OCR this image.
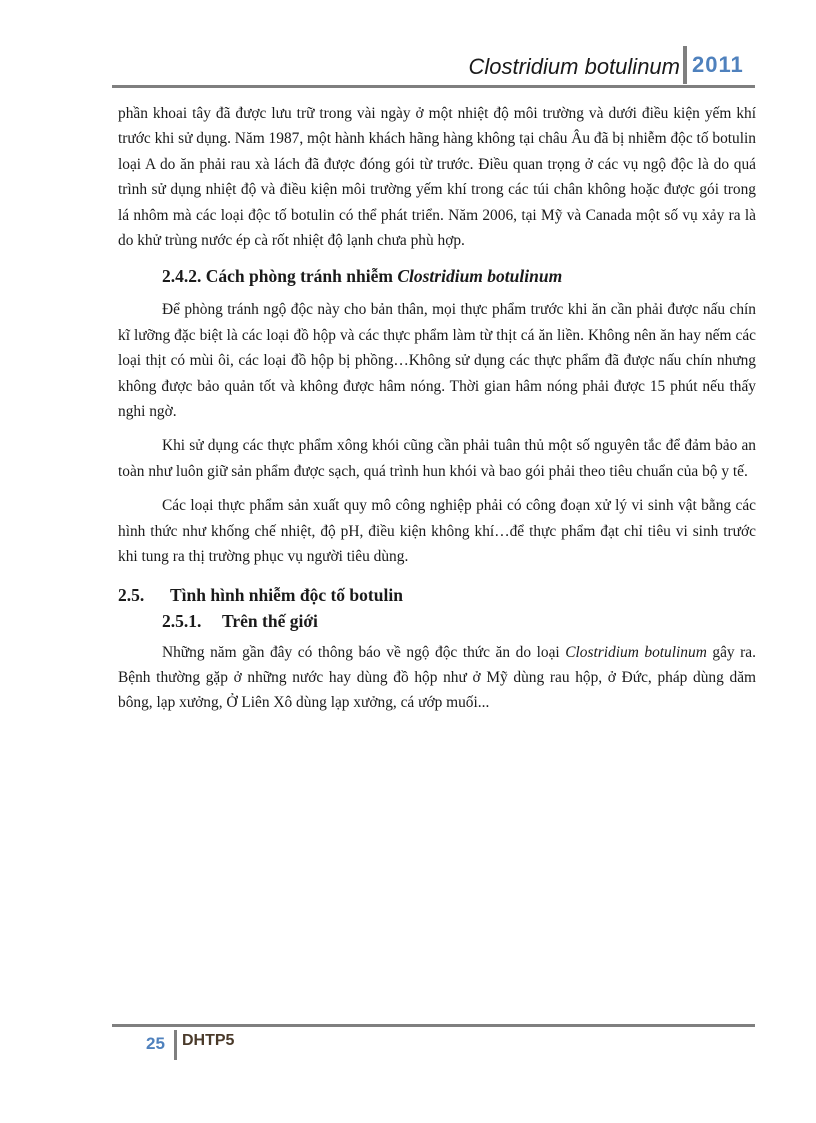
Clostridium botulinum 2011

phần khoai tây đã được lưu trữ trong vài ngày ở một nhiệt độ môi trường và dưới điều kiện yếm khí trước khi sử dụng. Năm 1987, một hành khách hãng hàng không tại châu Âu đã bị nhiễm độc tố botulin loại A do ăn phải rau xà lách đã được đóng gói từ trước. Điều quan trọng ở các vụ ngộ độc là do quá trình sử dụng nhiệt độ và điều kiện môi trường yếm khí trong các túi chân không hoặc được gói trong lá nhôm mà các loại độc tố botulin có thể phát triển. Năm 2006, tại Mỹ và Canada một số vụ xảy ra là do khử trùng nước ép cà rốt nhiệt độ lạnh chưa phù hợp.

2.4.2. Cách phòng tránh nhiễm Clostridium botulinum

Để phòng tránh ngộ độc này cho bản thân, mọi thực phẩm trước khi ăn cần phải được nấu chín kĩ lưỡng đặc biệt là các loại đồ hộp và các thực phẩm làm từ thịt cá ăn liền. Không nên ăn hay nếm các loại thịt có mùi ôi, các loại đồ hộp bị phồng…Không sử dụng các thực phẩm đã được nấu chín nhưng không được bảo quản tốt và không được hâm nóng. Thời gian hâm nóng phải được 15 phút nếu thấy nghi ngờ.

Khi sử dụng các thực phẩm xông khói cũng cần phải tuân thủ một số nguyên tắc để đảm bảo an toàn như luôn giữ sản phẩm được sạch, quá trình hun khói và bao gói phải theo tiêu chuẩn của bộ y tế.

Các loại thực phẩm sản xuất quy mô công nghiệp phải có công đoạn xử lý vi sinh vật bằng các hình thức như khống chế nhiệt, độ pH, điều kiện không khí…để thực phẩm đạt chỉ tiêu vi sinh trước khi tung ra thị trường phục vụ người tiêu dùng.

2.5. Tình hình nhiễm độc tố botulin
2.5.1. Trên thế giới

Những năm gần đây có thông báo về ngộ độc thức ăn do loại Clostridium botulinum gây ra. Bệnh thường gặp ở những nước hay dùng đồ hộp như ở Mỹ dùng rau hộp, ở Đức, pháp dùng dăm bông, lạp xưởng, Ở Liên Xô dùng lạp xưởng, cá ướp muối...

25 DHTP5
